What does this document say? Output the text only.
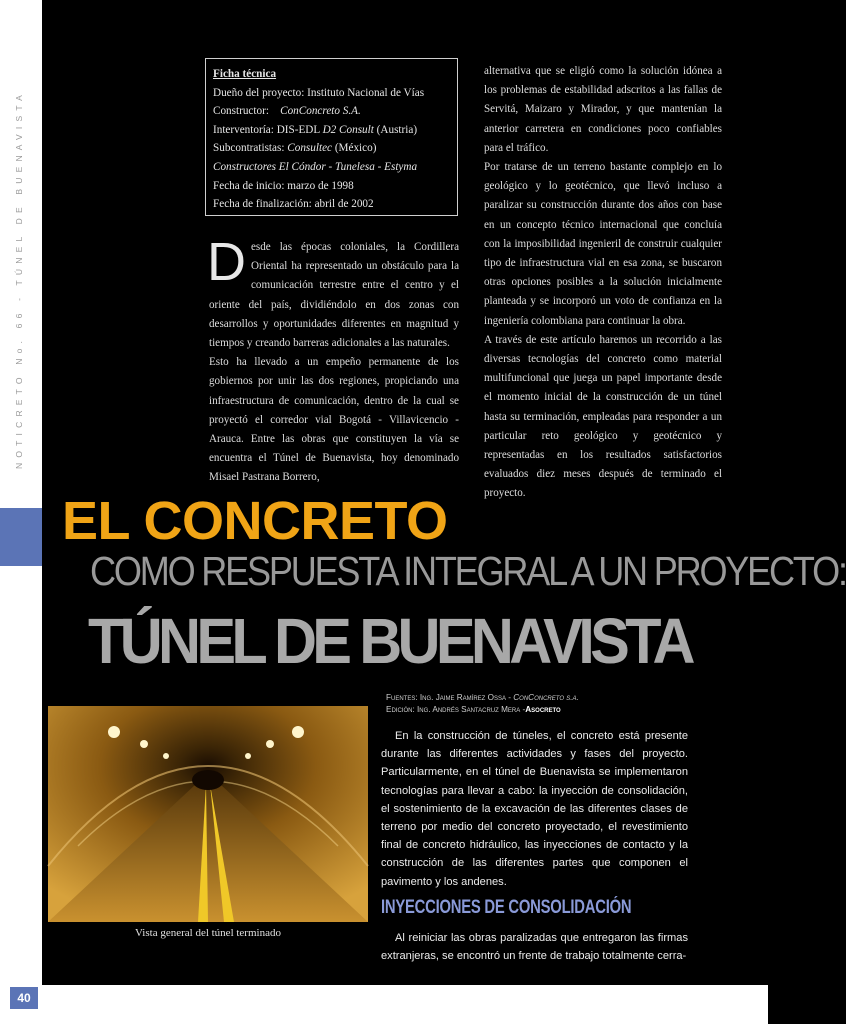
NOTICRETO No. 66 - TÚNEL DE BUENAVISTA
40
Ficha técnica
Dueño del proyecto: Instituto Nacional de Vías
Constructor: ConConcreto S.A.
Interventoría: DIS-EDL D2 Consult (Austria)
Subcontratistas: Consultec (México)
Constructores El Cóndor - Tunelesa - Estyma
Fecha de inicio: marzo de 1998
Fecha de finalización: abril de 2002

Desde las épocas coloniales, la Cordillera Oriental ha representado un obstáculo para la comunicación terrestre entre el centro y el oriente del país, dividiéndolo en dos zonas con desarrollos y oportunidades diferentes en magnitud y tiempos y creando barreras adicionales a las naturales.

Esto ha llevado a un empeño permanente de los gobiernos por unir las dos regiones, propiciando una infraestructura de comunicación, dentro de la cual se proyectó el corredor vial Bogotá - Villavicencio - Arauca. Entre las obras que constituyen la vía se encuentra el Túnel de Buenavista, hoy denominado Misael Pastrana Borrero,

alternativa que se eligió como la solución idónea a los problemas de estabilidad adscritos a las fallas de Servitá, Maizaro y Mirador, y que mantenían la anterior carretera en condiciones poco confiables para el tráfico.

Por tratarse de un terreno bastante complejo en lo geológico y lo geotécnico, que llevó incluso a paralizar su construcción durante dos años con base en un concepto técnico internacional que concluía con la imposibilidad ingenieril de construir cualquier tipo de infraestructura vial en esa zona, se buscaron otras opciones posibles a la solución inicialmente planteada y se incorporó un voto de confianza en la ingeniería colombiana para continuar la obra.

A través de este artículo haremos un recorrido a las diversas tecnologías del concreto como material multifuncional que juega un papel importante desde el momento inicial de la construcción de un túnel hasta su terminación, empleadas para responder a un particular reto geológico y geotécnico y representadas en los resultados satisfactorios evaluados diez meses después de terminado el proyecto.

EL CONCRETO
COMO RESPUESTA INTEGRAL A UN PROYECTO:
TÚNEL DE BUENAVISTA
Fuentes: Ing. Jaime Ramírez Ossa - ConConcreto s.a.
Edición: Ing. Andrés Santacruz Mera -Asocreto
Vista general del túnel terminado
En la construcción de túneles, el concreto está presente durante las diferentes actividades y fases del proyecto. Particularmente, en el túnel de Buenavista se implementaron tecnologías para llevar a cabo: la inyección de consolidación, el sostenimiento de la excavación de las diferentes clases de terreno por medio del concreto proyectado, el revestimiento final de concreto hidráulico, las inyecciones de contacto y la construcción de las diferentes partes que componen el pavimento y los andenes.
INYECCIONES DE CONSOLIDACIÓN
Al reiniciar las obras paralizadas que entregaron las firmas extranjeras, se encontró un frente de trabajo totalmente cerra-
